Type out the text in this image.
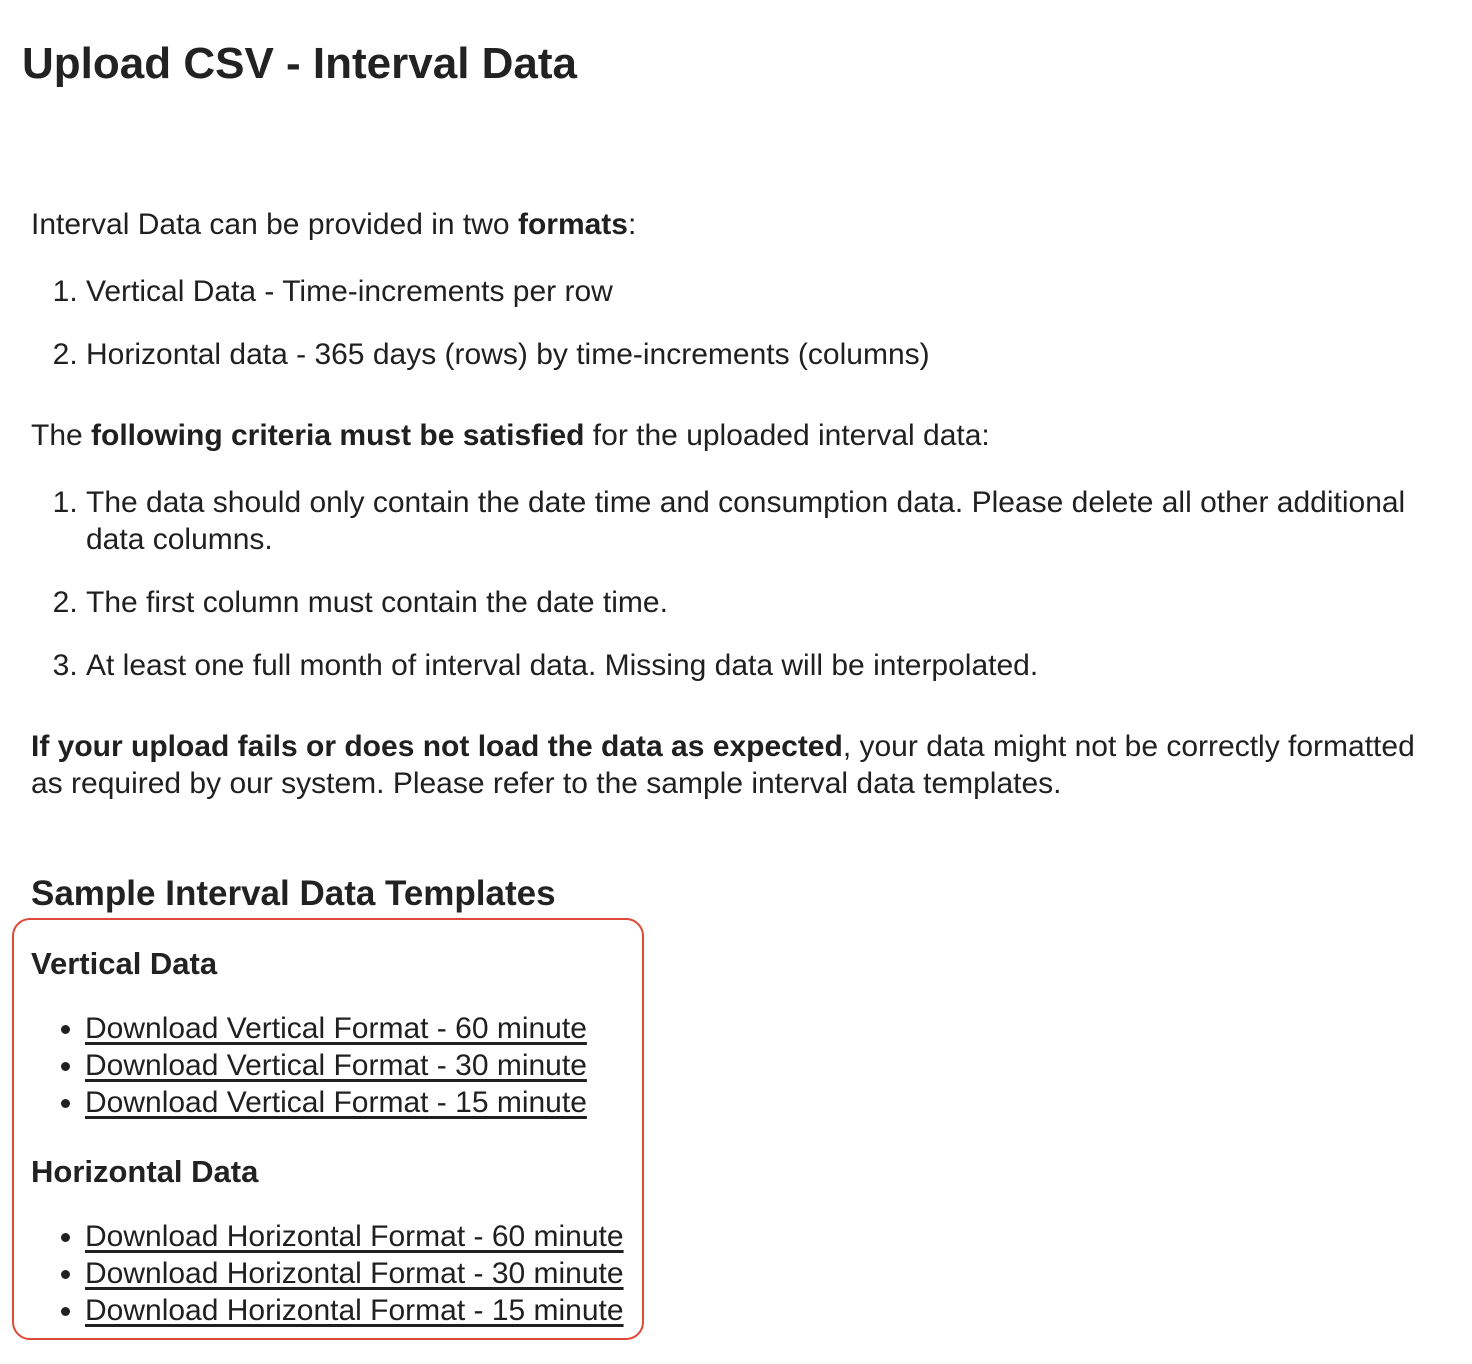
Upload CSV - Interval Data

Interval Data can be provided in two formats:

1. Vertical Data - Time-increments per row
2. Horizontal data - 365 days (rows) by time-increments (columns)

The following criteria must be satisfied for the uploaded interval data:

1. The data should only contain the date time and consumption data. Please delete all other additional data columns.
2. The first column must contain the date time.
3. At least one full month of interval data. Missing data will be interpolated.

If your upload fails or does not load the data as expected, your data might not be correctly formatted as required by our system. Please refer to the sample interval data templates.

Sample Interval Data Templates
Vertical Data
• Download Vertical Format - 60 minute
• Download Vertical Format - 30 minute
• Download Vertical Format - 15 minute
Horizontal Data
• Download Horizontal Format - 60 minute
• Download Horizontal Format - 30 minute
• Download Horizontal Format - 15 minute
